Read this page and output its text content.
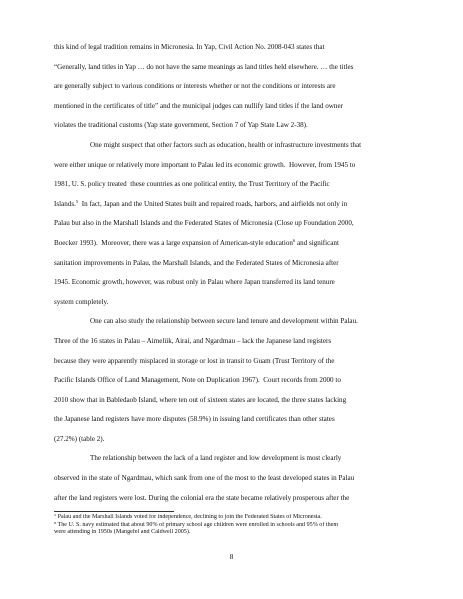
this kind of legal tradition remains in Micronesia. In Yap, Civil Action No. 2008-043 states that
“Generally, land titles in Yap … do not have the same meanings as land titles held elsewhere. … the titles
are generally subject to various conditions or interests whether or not the conditions or interests are
mentioned in the certificates of title” and the municipal judges can nullify land titles if the land owner
violates the traditional customs (Yap state government, Section 7 of Yap State Law 2-38).
One might suspect that other factors such as education, health or infrastructure investments that
were either unique or relatively more important to Palau led its economic growth.  However, from 1945 to
1981, U. S. policy treated  these countries as one political entity, the Trust Territory of the Pacific
Islands.$^5$  In fact, Japan and the United States built and repaired roads, harbors, and airfields not only in
Palau but also in the Marshall Islands and the Federated States of Micronesia (Close up Foundation 2000,
Boecker 1993).  Moreover, there was a large expansion of American-style education$^6$ and significant
sanitation improvements in Palau, the Marshall Islands, and the Federated States of Micronesia after
1945. Economic growth, however, was robust only in Palau where Japan transferred its land tenure
system completely.
One can also study the relationship between secure land tenure and development within Palau.
Three of the 16 states in Palau – Aimeliik, Airai, and Ngardmau – lack the Japanese land registers
because they were apparently misplaced in storage or lost in transit to Guam (Trust Territory of the
Pacific Islands Office of Land Management, Note on Duplication 1967).  Court records from 2000 to
2010 show that in Babledaob Island, where ten out of sixteen states are located, the three states lacking
the Japanese land registers have more disputes (58.9%) in issuing land certificates than other states
(27.2%) (table 2).
The relationship between the lack of a land register and low development is most clearly
observed in the state of Ngardmau, which sank from one of the most to the least developed states in Palau
after the land registers were lost. During the colonial era the state became relatively prosperous after the
$^5$ Palau and the Marshall Islands voted for independence, declining to join the Federated States of Micronesia.
$^6$ The U. S. navy estimated that about 90% of primary school age children were enrolled in schools and 95% of them
were attending in 1950s (Mangefel and Caldwell 2005).
8
